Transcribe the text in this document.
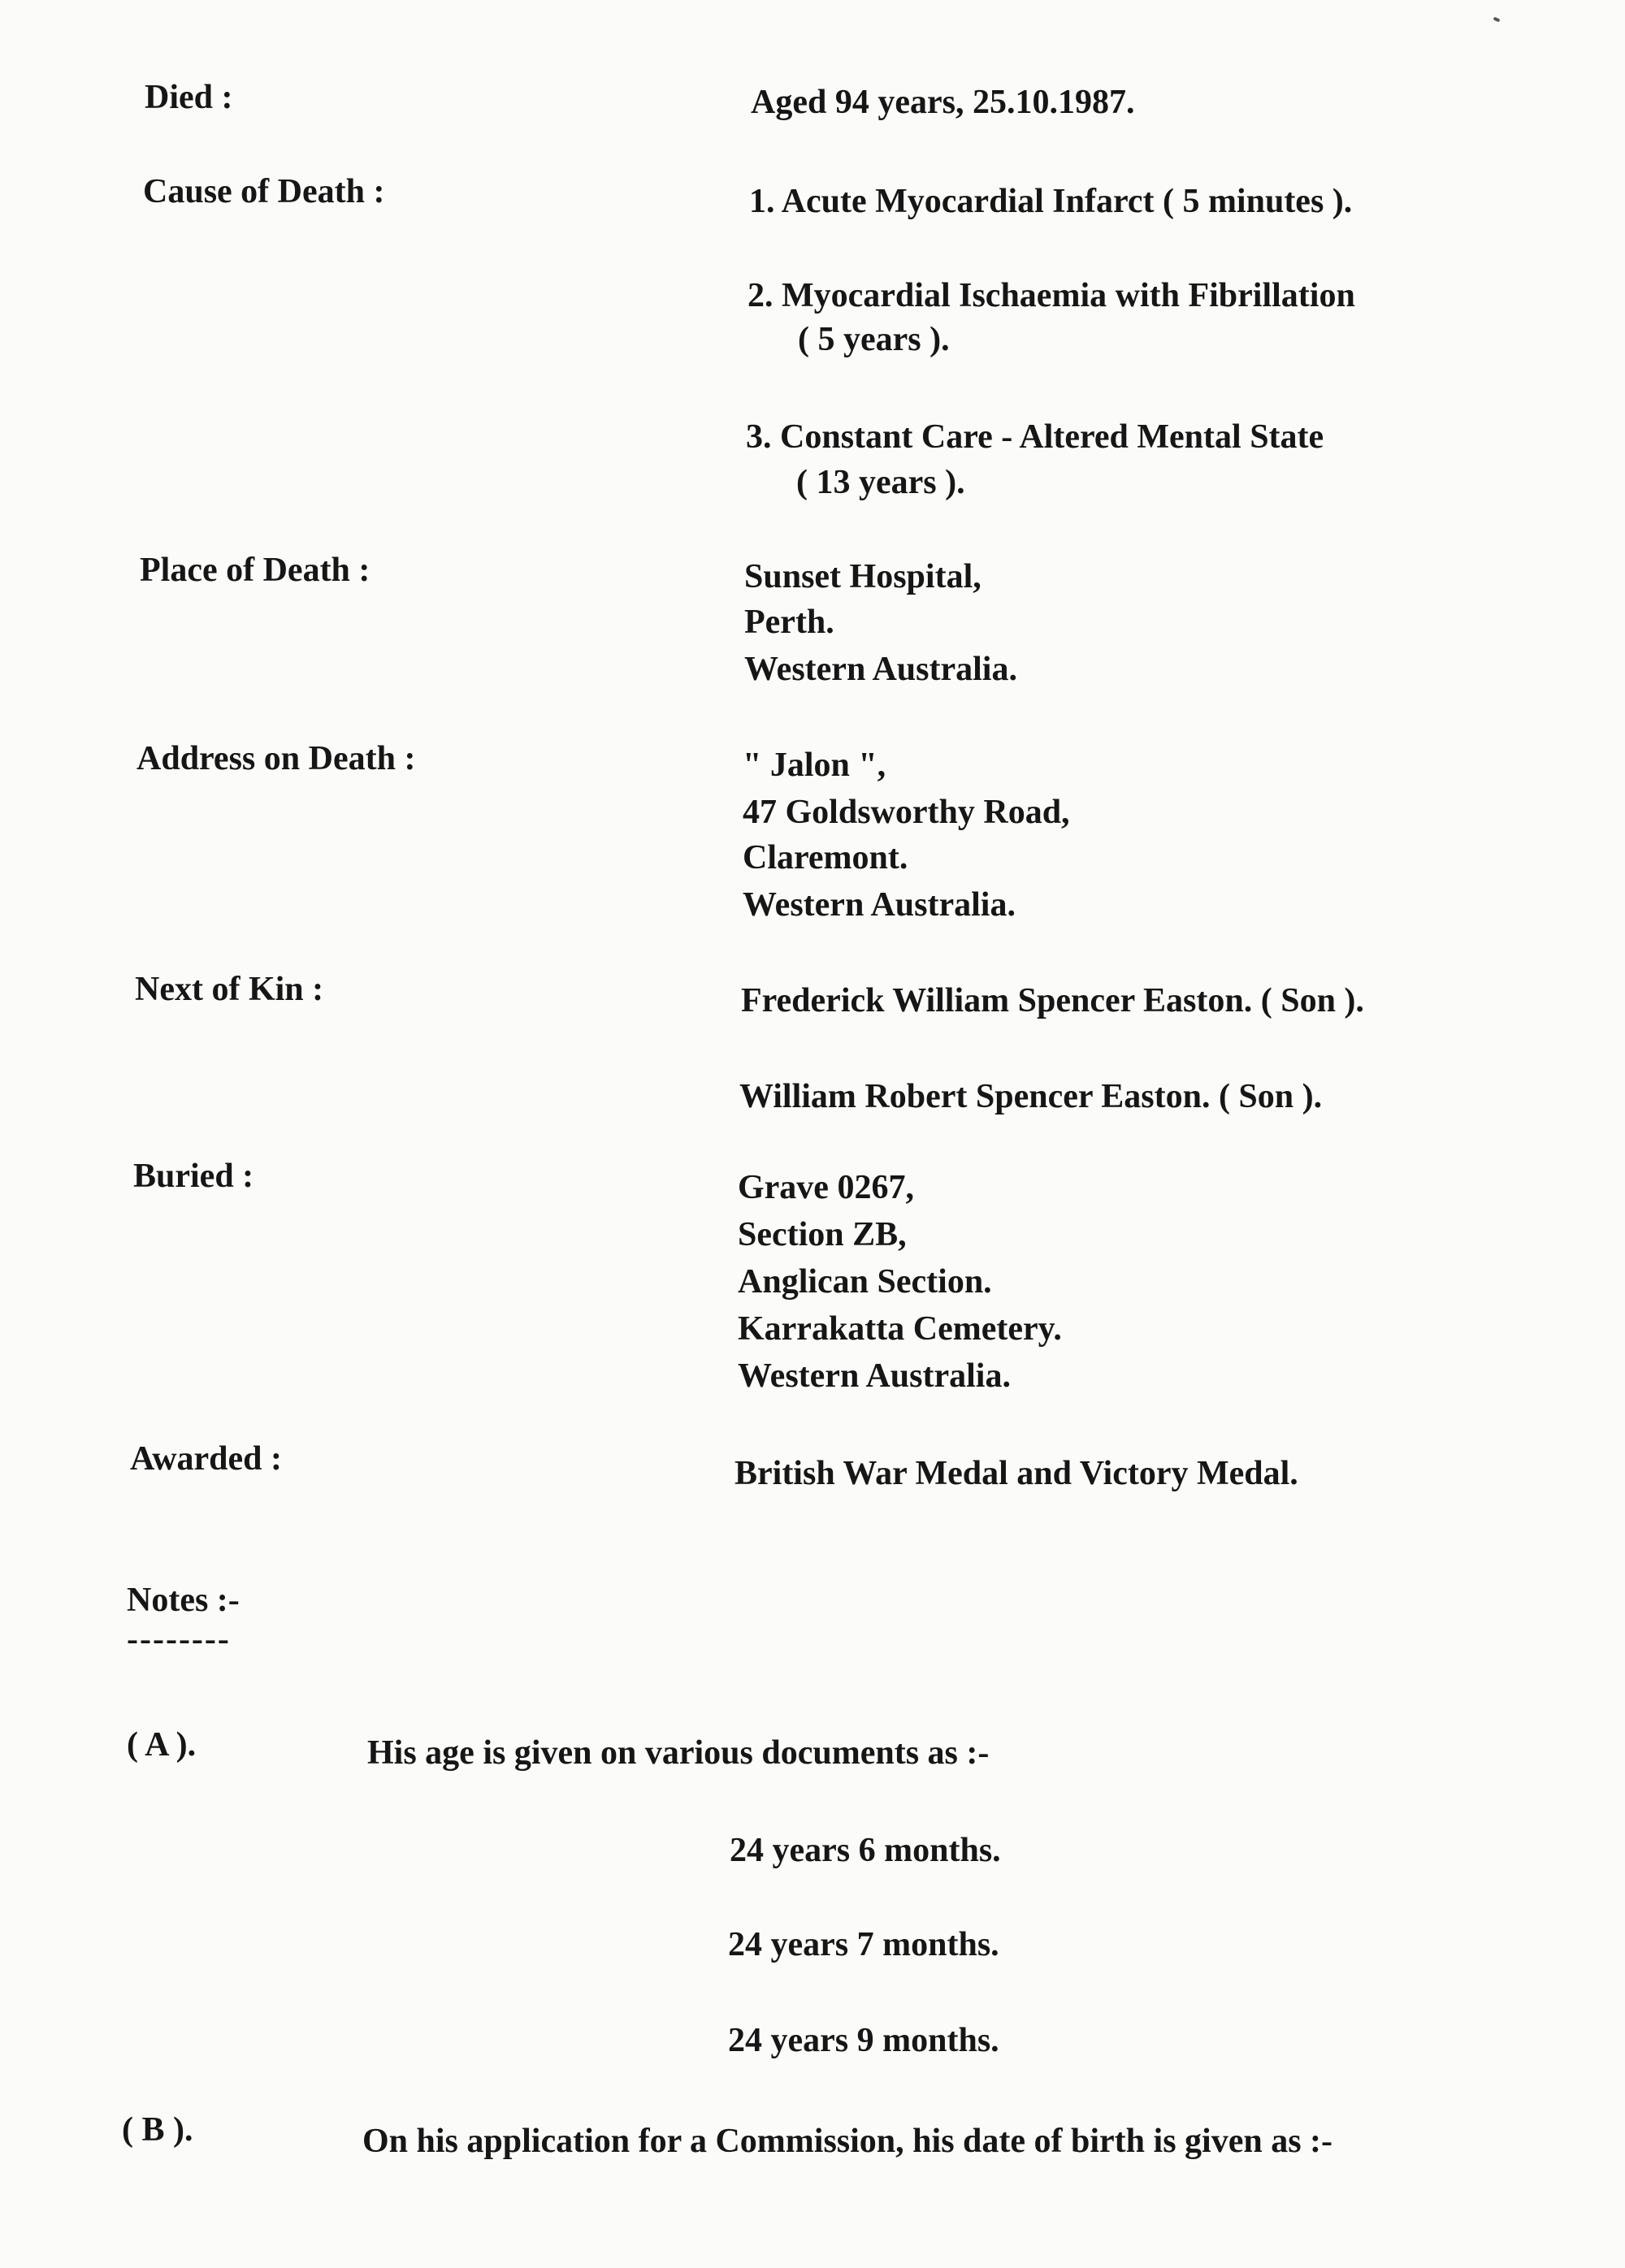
Died :	Aged 94 years, 25.10.1987.
Cause of Death :	1. Acute Myocardial Infarct ( 5 minutes ).
2. Myocardial Ischaemia with Fibrillation
( 5 years ).
3. Constant Care - Altered Mental State
( 13 years ).
Place of Death :	Sunset Hospital,
Perth.
Western Australia.
Address on Death :	" Jalon ",
47 Goldsworthy Road,
Claremont.
Western Australia.
Next of Kin :	Frederick William Spencer Easton. ( Son ).
William Robert Spencer Easton. ( Son ).
Buried :	Grave 0267,
Section ZB,
Anglican Section.
Karrakatta Cemetery.
Western Australia.
Awarded :	British War Medal and Victory Medal.
Notes :-
--------
( A ).	His age is given on various documents as :-
24 years 6 months.
24 years 7 months.
24 years 9 months.
( B ).	On his application for a Commission, his date of birth is given as :-
